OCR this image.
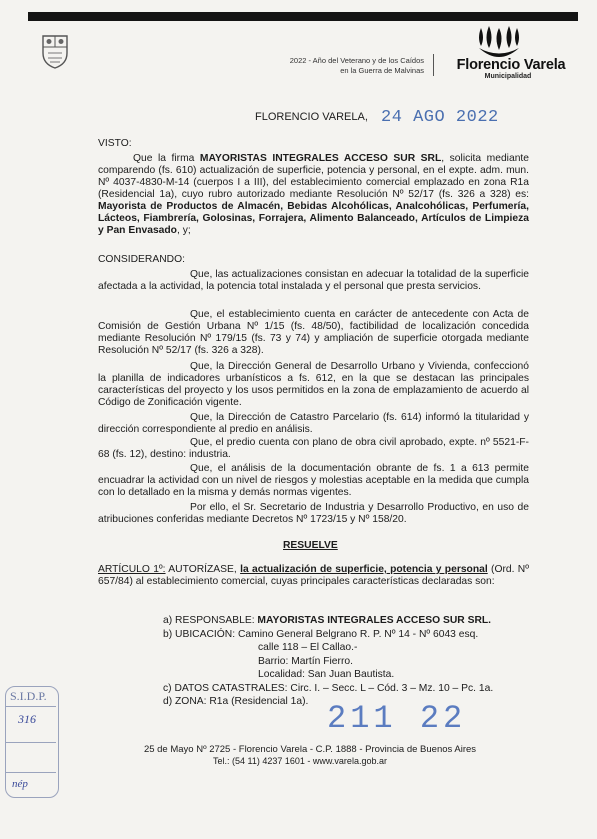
2022 - Año del Veterano y de los Caídos
en la Guerra de Malvinas	Florencio Varela
Municipalidad
FLORENCIO VARELA, 24 AGO 2022
VISTO:
Que la firma MAYORISTAS INTEGRALES ACCESO SUR SRL, solicita mediante comparendo (fs. 610) actualización de superficie, potencia y personal, en el expte. adm. mun. Nº 4037-4830-M-14 (cuerpos I a III), del establecimiento comercial emplazado en zona R1a (Residencial 1a), cuyo rubro autorizado mediante Resolución Nº 52/17 (fs. 326 a 328) es: Mayorista de Productos de Almacén, Bebidas Alcohólicas, Analcohólicas, Perfumería, Lácteos, Fiambrería, Golosinas, Forrajera, Alimento Balanceado, Artículos de Limpieza y Pan Envasado, y;
CONSIDERANDO:
Que, las actualizaciones consistan en adecuar la totalidad de la superficie afectada a la actividad, la potencia total instalada y el personal que presta servicios.
Que, el establecimiento cuenta en carácter de antecedente con Acta de Comisión de Gestión Urbana Nº 1/15 (fs. 48/50), factibilidad de localización concedida mediante Resolución Nº 179/15 (fs. 73 y 74) y ampliación de superficie otorgada mediante Resolución Nº 52/17 (fs. 326 a 328).
Que, la Dirección General de Desarrollo Urbano y Vivienda, confeccionó la planilla de indicadores urbanísticos a fs. 612, en la que se destacan las principales características del proyecto y los usos permitidos en la zona de emplazamiento de acuerdo al Código de Zonificación vigente.
Que, la Dirección de Catastro Parcelario (fs. 614) informó la titularidad y dirección correspondiente al predio en análisis.
Que, el predio cuenta con plano de obra civil aprobado, expte. nº 5521-F-68 (fs. 12), destino: industria.
Que, el análisis de la documentación obrante de fs. 1 a 613 permite encuadrar la actividad con un nivel de riesgos y molestias aceptable en la medida que cumpla con lo detallado en la misma y demás normas vigentes.
Por ello, el Sr. Secretario de Industria y Desarrollo Productivo, en uso de atribuciones conferidas mediante Decretos Nº 1723/15 y Nº 158/20.
RESUELVE
ARTÍCULO 1º: AUTORÍZASE, la actualización de superficie, potencia y personal (Ord. Nº 657/84) al establecimiento comercial, cuyas principales características declaradas son:
a) RESPONSABLE: MAYORISTAS INTEGRALES ACCESO SUR SRL.
b) UBICACIÓN: Camino General Belgrano R. P. Nº 14 - Nº 6043 esq.
calle 118 – El Callao.-
Barrio: Martín Fierro.
Localidad: San Juan Bautista.
c) DATOS CATASTRALES: Circ. I. – Secc. L – Cód. 3 – Mz. 10 – Pc. 1a.
d) ZONA: R1a (Residencial 1a).
S.I.D.P.
316
nép
211 22
25 de Mayo Nº 2725 - Florencio Varela - C.P. 1888 - Provincia de Buenos Aires
Tel.: (54 11) 4237 1601 - www.varela.gob.ar
